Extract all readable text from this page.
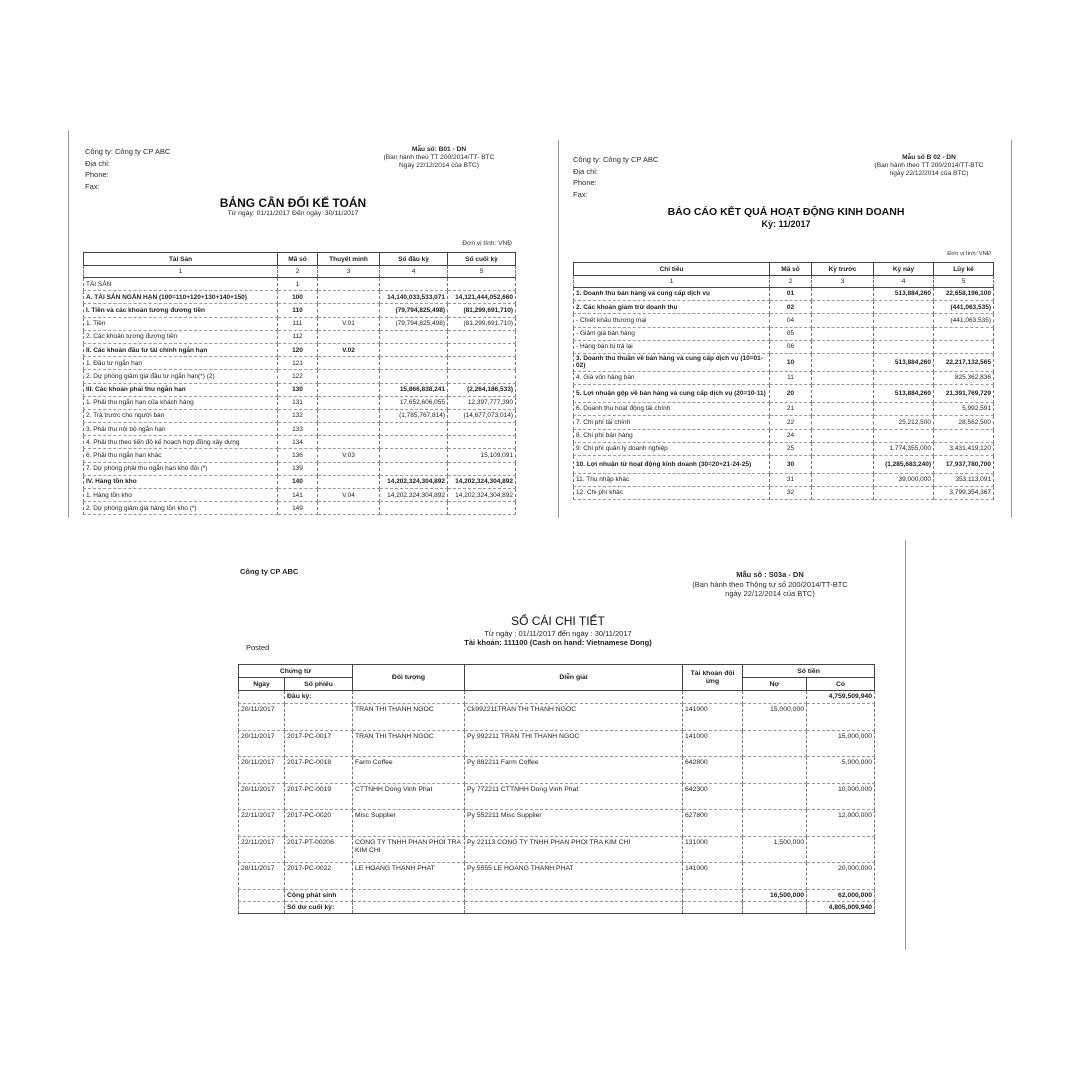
Công ty: Công ty CP ABC
Địa chỉ:
Phone:
Fax:
Mẫu số: B01 - DN
(Ban hành theo TT 200/2014/TT- BTC
Ngày 22/12/2014 của BTC)
BẢNG CÂN ĐỐI KẾ TOÁN
Từ ngày: 01/11/2017 Đến ngày: 30/11/2017
Đơn vị tính: VNĐ
Tài Sản	Mã số	Thuyết minh	Số đầu kỳ	Số cuối kỳ
1	2	3	4	5
TÀI SẢN	1			
A. TÀI SẢN NGẮN HẠN (100=110+120+130+140+150)	100		14,140,033,533,071	14,121,444,052,660
I. Tiền và các khoản tương đương tiền	110		(79,794,825,498)	(81,299,691,710)
1. Tiền	111	V.01	(79,794,825,498)	(81,299,691,710)
2. Các khoản tương đương tiền	112			
II. Các khoản đầu tư tài chính ngắn hạn	120	V.02		
1. Đầu tư ngắn hạn	121			
2. Dự phòng giảm giá đầu tư ngắn hạn(*) (2)	122			
III. Các khoản phải thu ngắn hạn	130		15,866,838,241	(2,264,186,533)
1. Phải thu ngắn hạn của khách hàng	131		17,652,606,055	12,397,777,390
2. Trả trước cho người bán	132		(1,785,767,814)	(14,677,073,014)
3. Phải thu nội bộ ngắn hạn	133			
4. Phải thu theo tiến độ kế hoạch hợp đồng xây dựng	134			
6. Phải thu ngắn hạn khác	136	V.03		15,109,091
7. Dự phòng phải thu ngắn hạn khó đòi (*)	139			
IV. Hàng tồn kho	140		14,202,324,304,892	14,202,324,304,892
1. Hàng tồn kho	141	V.04	14,202,324,304,892	14,202,324,304,892
2. Dự phòng giảm giá hàng tồn kho (*)	149			
Công ty: Công ty CP ABC
Địa chỉ:
Phone:
Fax:
Mẫu số B 02 - DN
(Ban hành theo TT 200/2014/TT-BTC
ngày 22/12/2014 của BTC)
BÁO CÁO KẾT QUẢ HOẠT ĐỘNG KINH DOANH
Kỳ: 11/2017
Đơn vị tính: VNĐ
Chỉ tiêu	Mã số	Kỳ trước	Kỳ này	Lũy kế
1	2	3	4	5
1. Doanh thu bán hàng và cung cấp dịch vụ	01		513,884,260	22,658,196,100
2. Các khoản giảm trừ doanh thu	02			(441,063,535)
- Chiết khấu thương mại	04			(441,063,535)
- Giảm giá bán hàng	05			
- Hàng bán bị trả lại	06			
3. Doanh thu thuần về bán hàng và cung cấp dịch vụ (10=01-02)	10		513,884,260	22,217,132,565
4. Giá vốn hàng bán	11			825,362,836
5. Lợi nhuận gộp về bán hàng và cung cấp dịch vụ (20=10-11)	20		513,884,260	21,391,769,729
6. Doanh thu hoạt động tài chính	21			5,992,591
7. Chi phí tài chính	22		25,212,500	28,562,500
8. Chi phí bán hàng	24			
9. Chi phí quản lý doanh nghiệp	25		1,774,355,000	3,431,419,120
10. Lợi nhuận từ hoạt động kinh doanh (30=20+21-24-25)	30		(1,285,683,240)	17,937,780,700
11. Thu nhập khác	31		39,000,000	353,113,091
12. Chi phí khác	32			3,799,354,367
Công ty CP ABC	Mẫu số : S03a - DN
(Ban hành theo Thông tư số 200/2014/TT-BTC
ngày 22/12/2014 của BTC)
SỔ CÁI CHI TIẾT
Từ ngày : 01/11/2017 đến ngày : 30/11/2017
Tài khoản: 111100 (Cash on hand: Vietnamese Dong)
Posted
Chứng từ		Đối tượng	Diễn giải	Tài khoản đối ứng	Số tiền	
Ngày	Số phiếu				Nợ	Có
	Đầu kỳ:					4,759,509,940
20/11/2017		TRAN THI THANH NGOC	Ck992211TRAN THI THANH NGOC	141000	15,000,000	
20/11/2017	2017-PC-0017	TRAN THI THANH NGOC	Py 992211 TRAN THI THANH NGOC	141000		15,000,000
20/11/2017	2017-PC-0018	Farm Coffee	Py 882211 Farm Coffee	642800		5,000,000
20/11/2017	2017-PC-0019	CTTNHH Dong Vinh Phat	Py 772211 CTTNHH Dong Vinh Phat	642300		10,000,000
22/11/2017	2017-PC-0020	Misc Supplier	Py 552211 Misc Supplier	627800		12,000,000
22/11/2017	2017-PT-00206	CONG TY TNHH PHAN PHOI TRA KIM CHI	Py 22113 CONG TY TNHH PHAN PHOI TRA KIM CHI	131000	1,500,000	
28/11/2017	2017-PC-0022	LE HOANG THANH PHAT	Py 5555 LE HOANG THANH PHAT	141000		20,000,000
	Cộng phát sinh				16,500,000	62,000,000
	Số dư cuối kỳ:					4,805,009,940
